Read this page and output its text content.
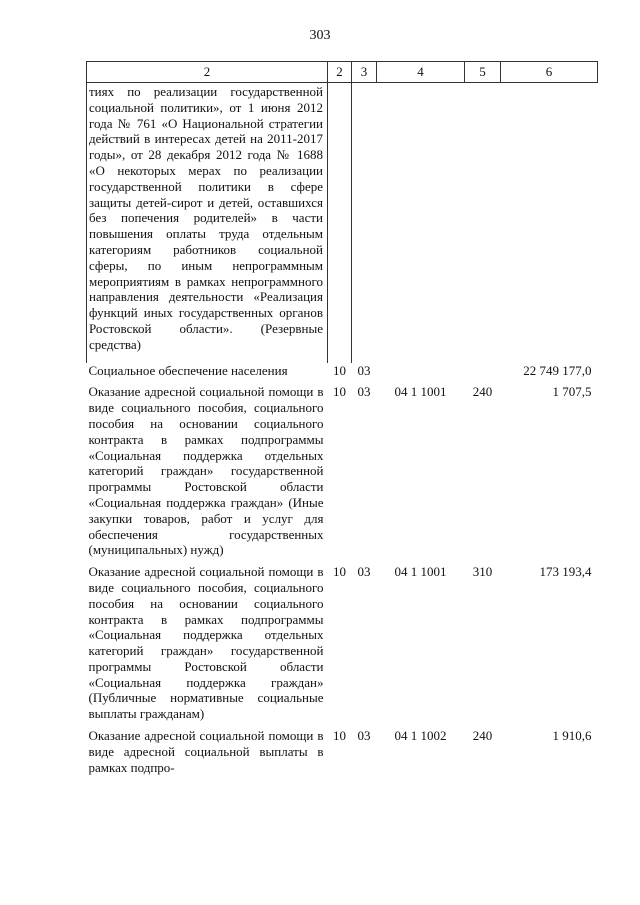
303
2	2	3	4	5	6
тиях по реализации государственной социальной политики», от 1 июня 2012 года № 761 «О Национальной стратегии действий в интересах детей на 2011-2017 годы», от 28 декабря 2012 года № 1688 «О некоторых мерах по реализации государственной политики в сфере защиты детей-сирот и детей, оставшихся без попечения родителей» в части повышения оплаты труда отдельным категориям работников социальной сферы, по иным непрограммным мероприятиям в рамках непрограммного направления деятельности «Реализация функций иных государственных органов Ростовской области». (Резервные средства)					
Социальное обеспечение населения	10	03			22 749 177,0
Оказание адресной социальной помощи в виде социального пособия, социального пособия на основании социального контракта в рамках подпрограммы «Социальная поддержка отдельных категорий граждан» государственной программы Ростовской области «Социальная поддержка граждан» (Иные закупки товаров, работ и услуг для обеспечения государственных (муниципальных) нужд)	10	03	04 1 1001	240	1 707,5
Оказание адресной социальной помощи в виде социального пособия, социального пособия на основании социального контракта в рамках подпрограммы «Социальная поддержка отдельных категорий граждан» государственной программы Ростовской области «Социальная поддержка граждан» (Публичные нормативные социальные выплаты гражданам)	10	03	04 1 1001	310	173 193,4
Оказание адресной социальной помощи в виде адресной социальной выплаты в рамках подпро-	10	03	04 1 1002	240	1 910,6
